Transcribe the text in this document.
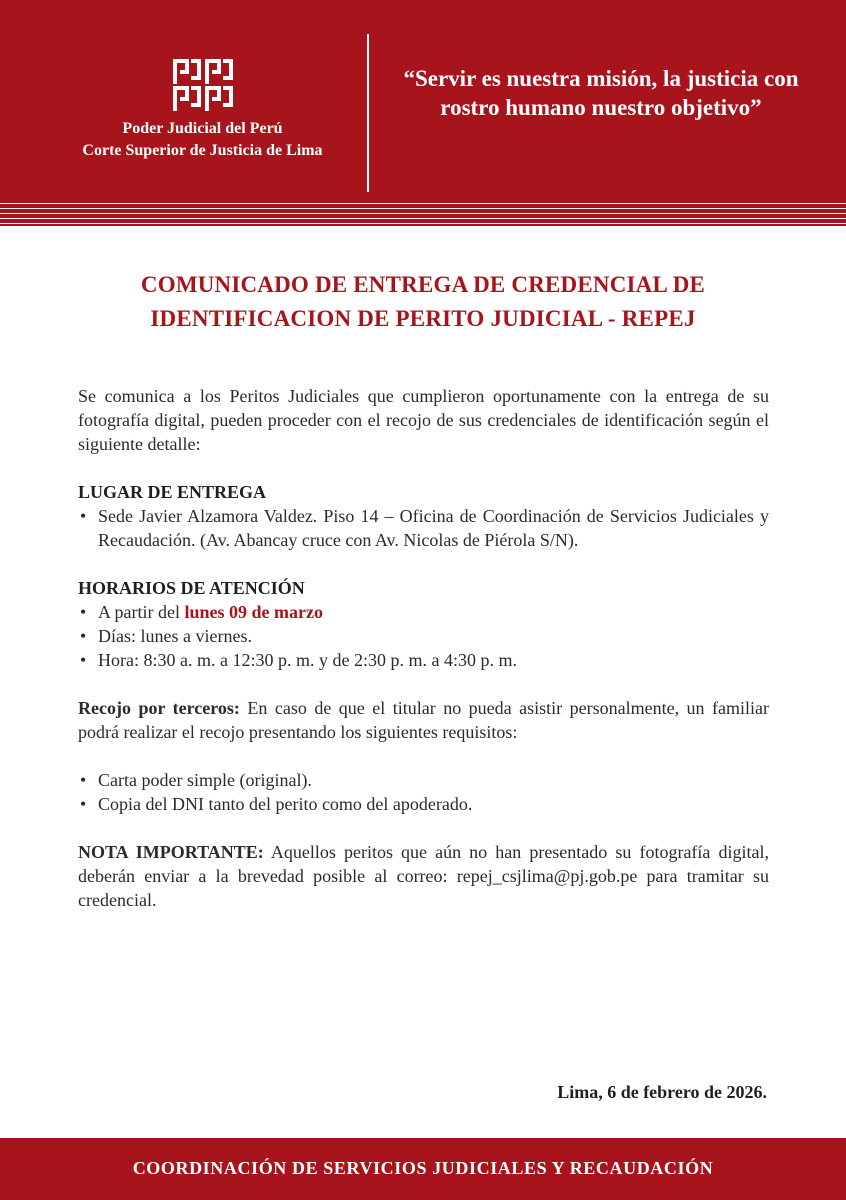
Poder Judicial del Perú
Corte Superior de Justicia de Lima
“Servir es nuestra misión, la justicia con rostro humano nuestro objetivo”
COMUNICADO DE ENTREGA DE CREDENCIAL DE IDENTIFICACION DE PERITO JUDICIAL - REPEJ

Se comunica a los Peritos Judiciales que cumplieron oportunamente con la entrega de su fotografía digital, pueden proceder con el recojo de sus credenciales de identificación según el siguiente detalle:

LUGAR DE ENTREGA

• Sede Javier Alzamora Valdez. Piso 14 – Oficina de Coordinación de Servicios Judiciales y Recaudación. (Av. Abancay cruce con Av. Nicolas de Piérola S/N).

HORARIOS DE ATENCIÓN

• A partir del lunes 09 de marzo

• Días: lunes a viernes.

• Hora: 8:30 a. m. a 12:30 p. m. y de 2:30 p. m. a 4:30 p. m.

Recojo por terceros: En caso de que el titular no pueda asistir personalmente, un familiar podrá realizar el recojo presentando los siguientes requisitos:

• Carta poder simple (original).

• Copia del DNI tanto del perito como del apoderado.

NOTA IMPORTANTE: Aquellos peritos que aún no han presentado su fotografía digital, deberán enviar a la brevedad posible al correo: repej_csjlima@pj.gob.pe para tramitar su credencial.

Lima, 6 de febrero de 2026.
COORDINACIÓN DE SERVICIOS JUDICIALES Y RECAUDACIÓN
